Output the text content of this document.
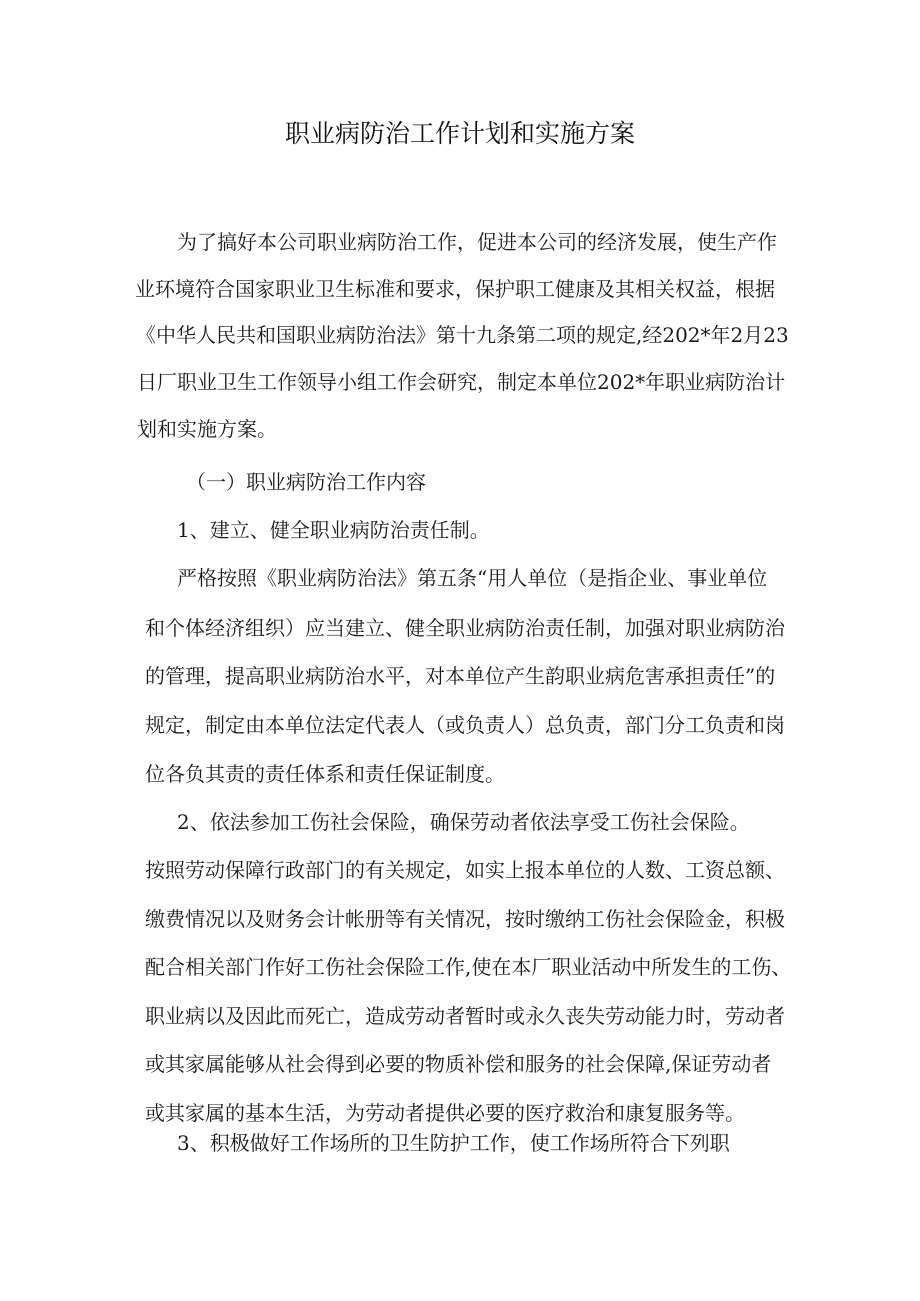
职业病防治工作计划和实施方案

为了搞好本公司职业病防治工作，促进本公司的经济发展，使生产作

业环境符合国家职业卫生标准和要求，保护职工健康及其相关权益，根据

《中华人民共和国职业病防治法》第十九条第二项的规定,经202*年2月23

日厂职业卫生工作领导小组工作会研究，制定本单位202*年职业病防治计

划和实施方案。

（一）职业病防治工作内容

1、建立、健全职业病防治责任制。

严格按照《职业病防治法》第五条“用人单位（是指企业、事业单位

和个体经济组织）应当建立、健全职业病防治责任制，加强对职业病防治

的管理，提高职业病防治水平，对本单位产生韵职业病危害承担责任”的

规定，制定由本单位法定代表人（或负责人）总负责，部门分工负责和岗

位各负其责的责任体系和责任保证制度。

2、依法参加工伤社会保险，确保劳动者依法享受工伤社会保险。

按照劳动保障行政部门的有关规定，如实上报本单位的人数、工资总额、

缴费情况以及财务会计帐册等有关情况，按时缴纳工伤社会保险金，积极

配合相关部门作好工伤社会保险工作,使在本厂职业活动中所发生的工伤、

职业病以及因此而死亡，造成劳动者暂时或永久丧失劳动能力时，劳动者

或其家属能够从社会得到必要的物质补偿和服务的社会保障,保证劳动者

或其家属的基本生活，为劳动者提供必要的医疗救治和康复服务等。

3、积极做好工作场所的卫生防护工作，使工作场所符合下列职
